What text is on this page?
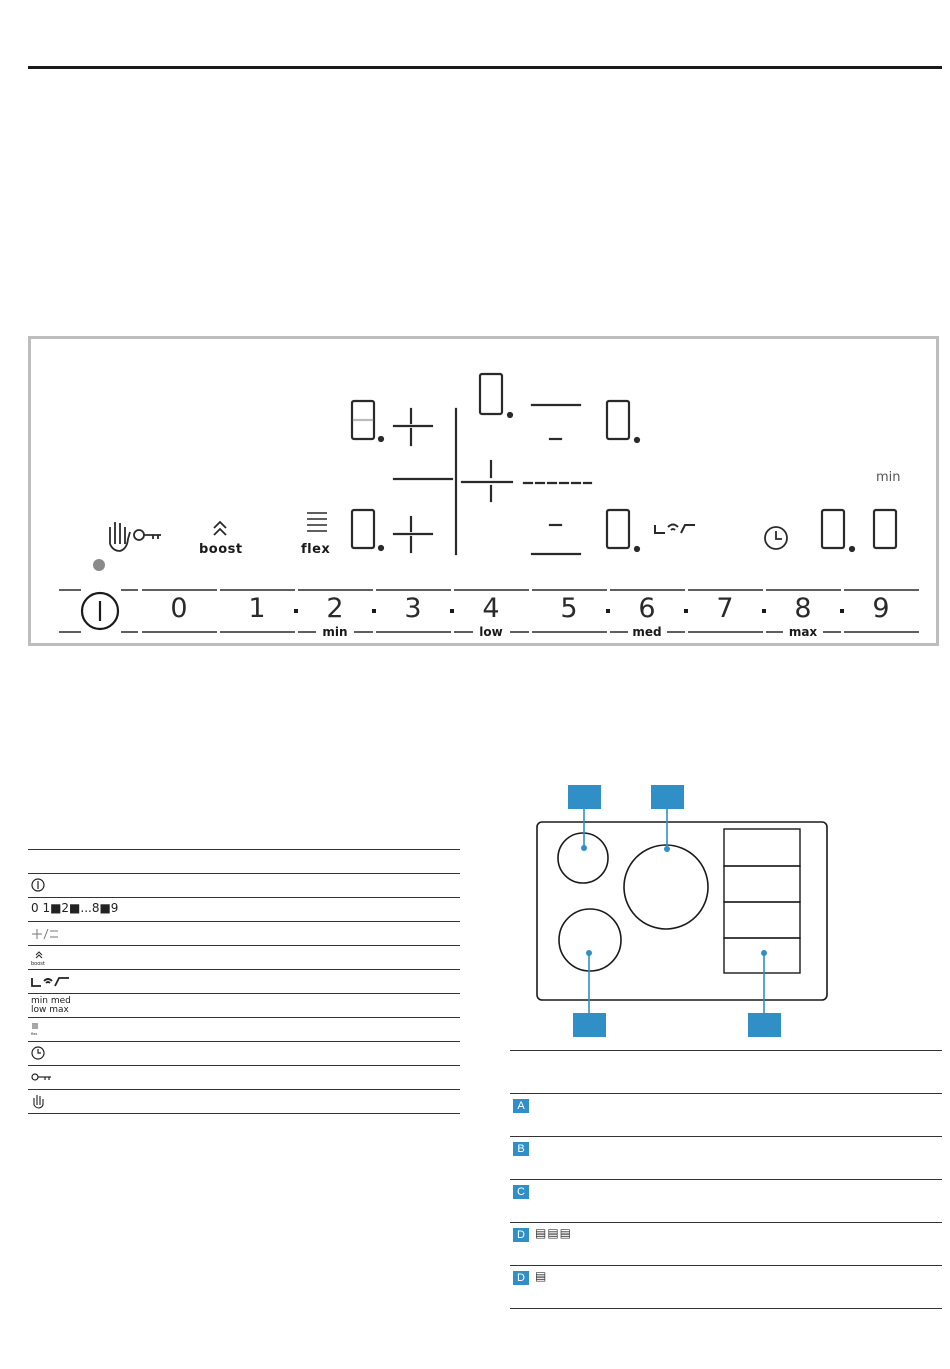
boost	flex
min
0	1	2	3	4	5	6	7	8	9
min	low	med	max
0 1■2■...8■9
boost
min med low max
flex
A
B
C
D ▤▤▤
D ▤
